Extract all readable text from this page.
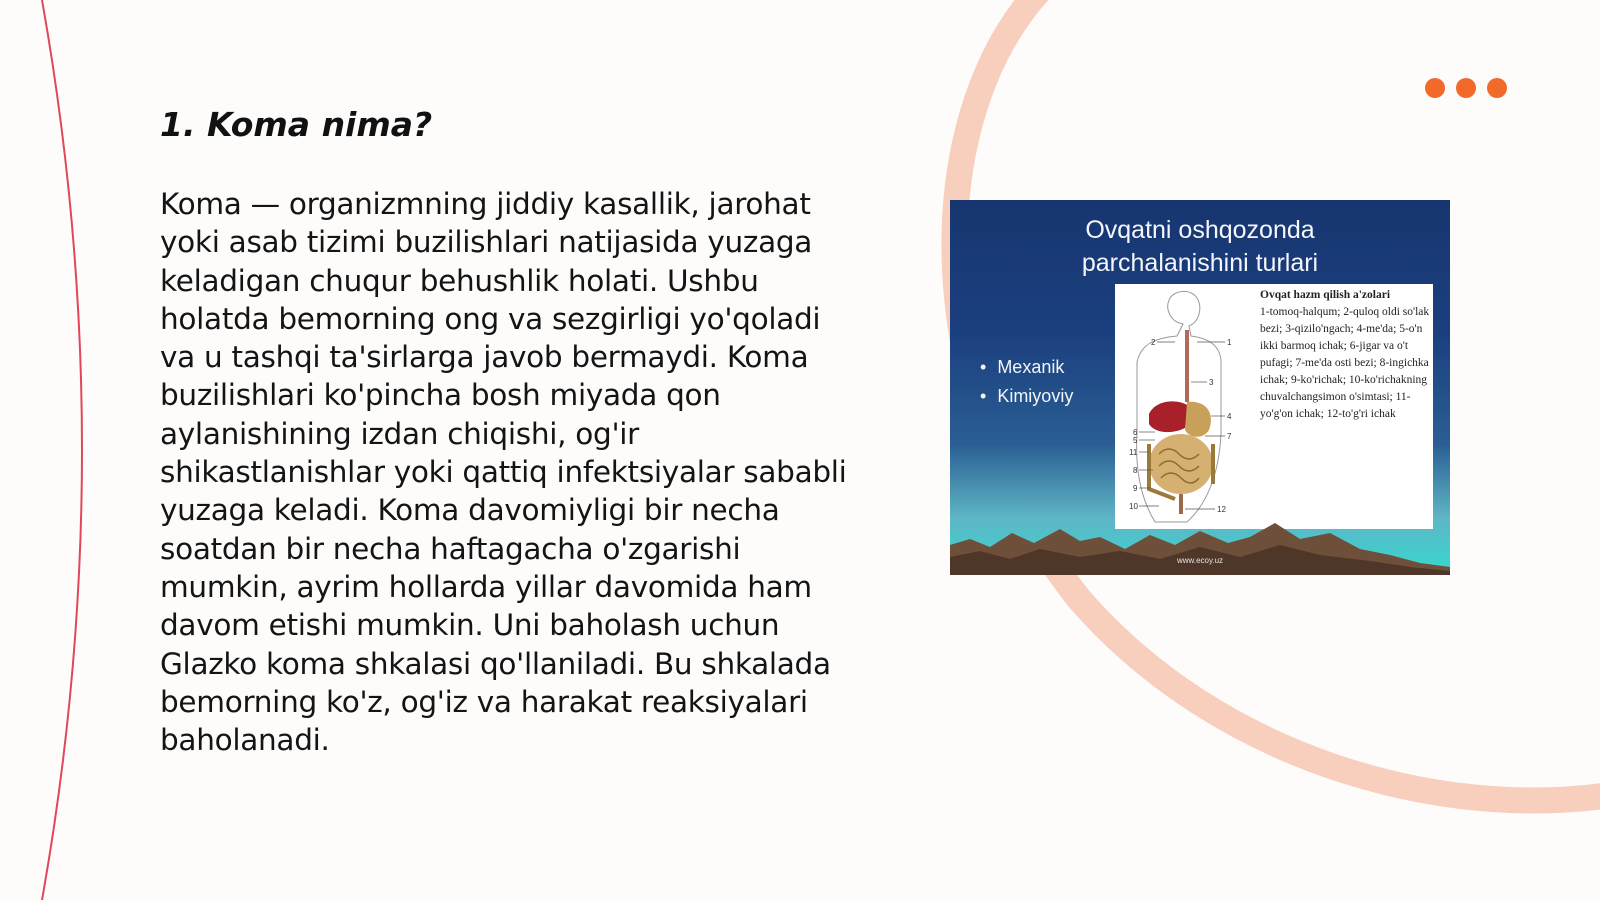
1. Koma nima?

Koma — organizmning jiddiy kasallik, jarohat yoki asab tizimi buzilishlari natijasida yuzaga keladigan chuqur behushlik holati. Ushbu holatda bemorning ong va sezgirligi yo'qoladi va u tashqi ta'sirlarga javob bermaydi. Koma buzilishlari ko'pincha bosh miyada qon aylanishining izdan chiqishi, og'ir shikastlanishlar yoki qattiq infektsiyalar sababli yuzaga keladi. Koma davomiyligi bir necha soatdan bir necha haftagacha o'zgarishi mumkin, ayrim hollarda yillar davomida ham davom etishi mumkin. Uni baholash uchun Glazko koma shkalasi qo'llaniladi. Bu shkalada bemorning ko'z, og'iz va harakat reaksiyalari baholanadi.

Ovqatni oshqozonda
parchalanishini turlari
• Mexanik
• Kimiyoviy
1
2
3
4
5
6	7
8
9
10
11
12
Ovqat hazm qilish a'zolari
1-tomoq-halqum; 2-quloq oldi so'lak bezi; 3-qizilo'ngach; 4-me'da; 5-o'n ikki barmoq ichak; 6-jigar va o't pufagi; 7-me'da osti bezi; 8-ingichka ichak; 9-ko'richak; 10-ko'richakning chuvalchangsimon o'simtasi; 11-yo'g'on ichak; 12-to'g'ri ichak
www.ecoy.uz
